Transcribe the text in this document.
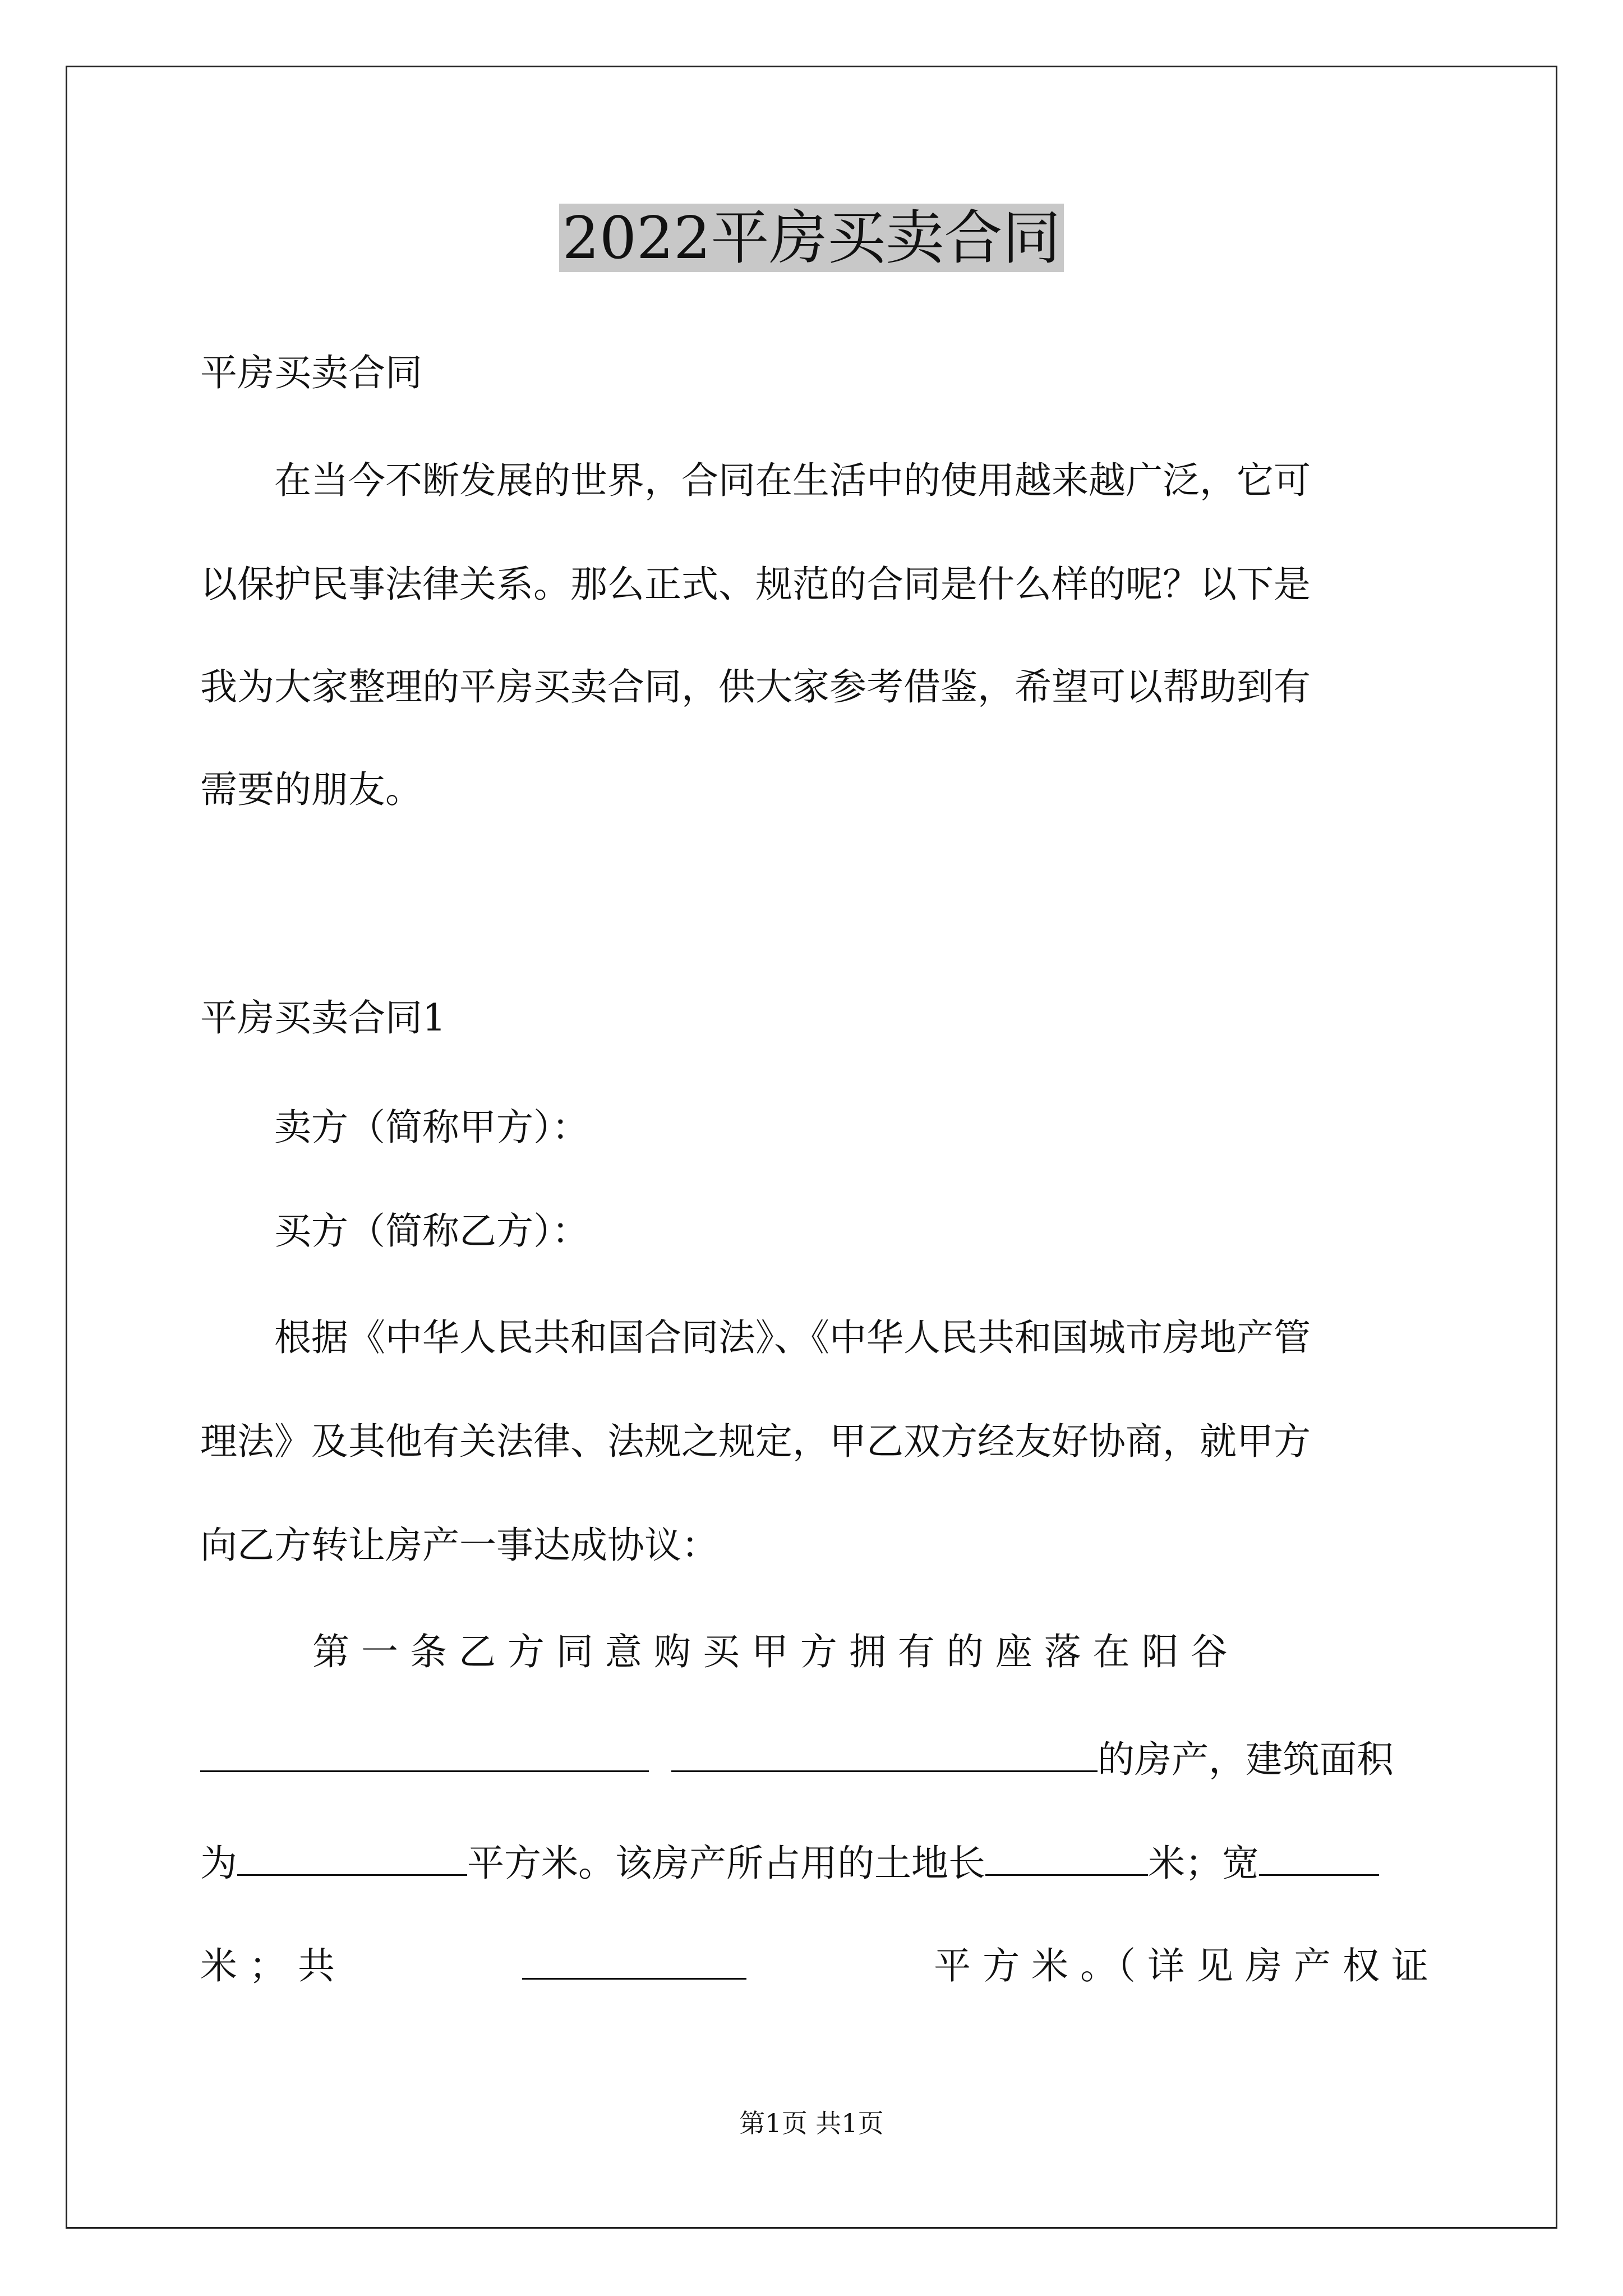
2022平房买卖合同
平房买卖合同
在当今不断发展的世界，合同在生活中的使用越来越广泛，它可
以保护民事法律关系。那么正式、规范的合同是什么样的呢？以下是
我为大家整理的平房买卖合同，供大家参考借鉴，希望可以帮助到有
需要的朋友。
平房买卖合同1
卖方（简称甲方）：
买方（简称乙方）：
根据《中华人民共和国合同法》、《中华人民共和国城市房地产管
理法》及其他有关法律、法规之规定，甲乙双方经友好协商，就甲方
向乙方转让房产一事达成协议：
第 一 条 乙 方 同 意 购 买 甲 方 拥 有 的 座 落 在 阳 谷
的房产，建筑面积
为	平方米。该房产所占用的土地长	米；宽
米 ； 共	平 方 米 。（ 详 见 房 产 权 证
第1页 共1页
